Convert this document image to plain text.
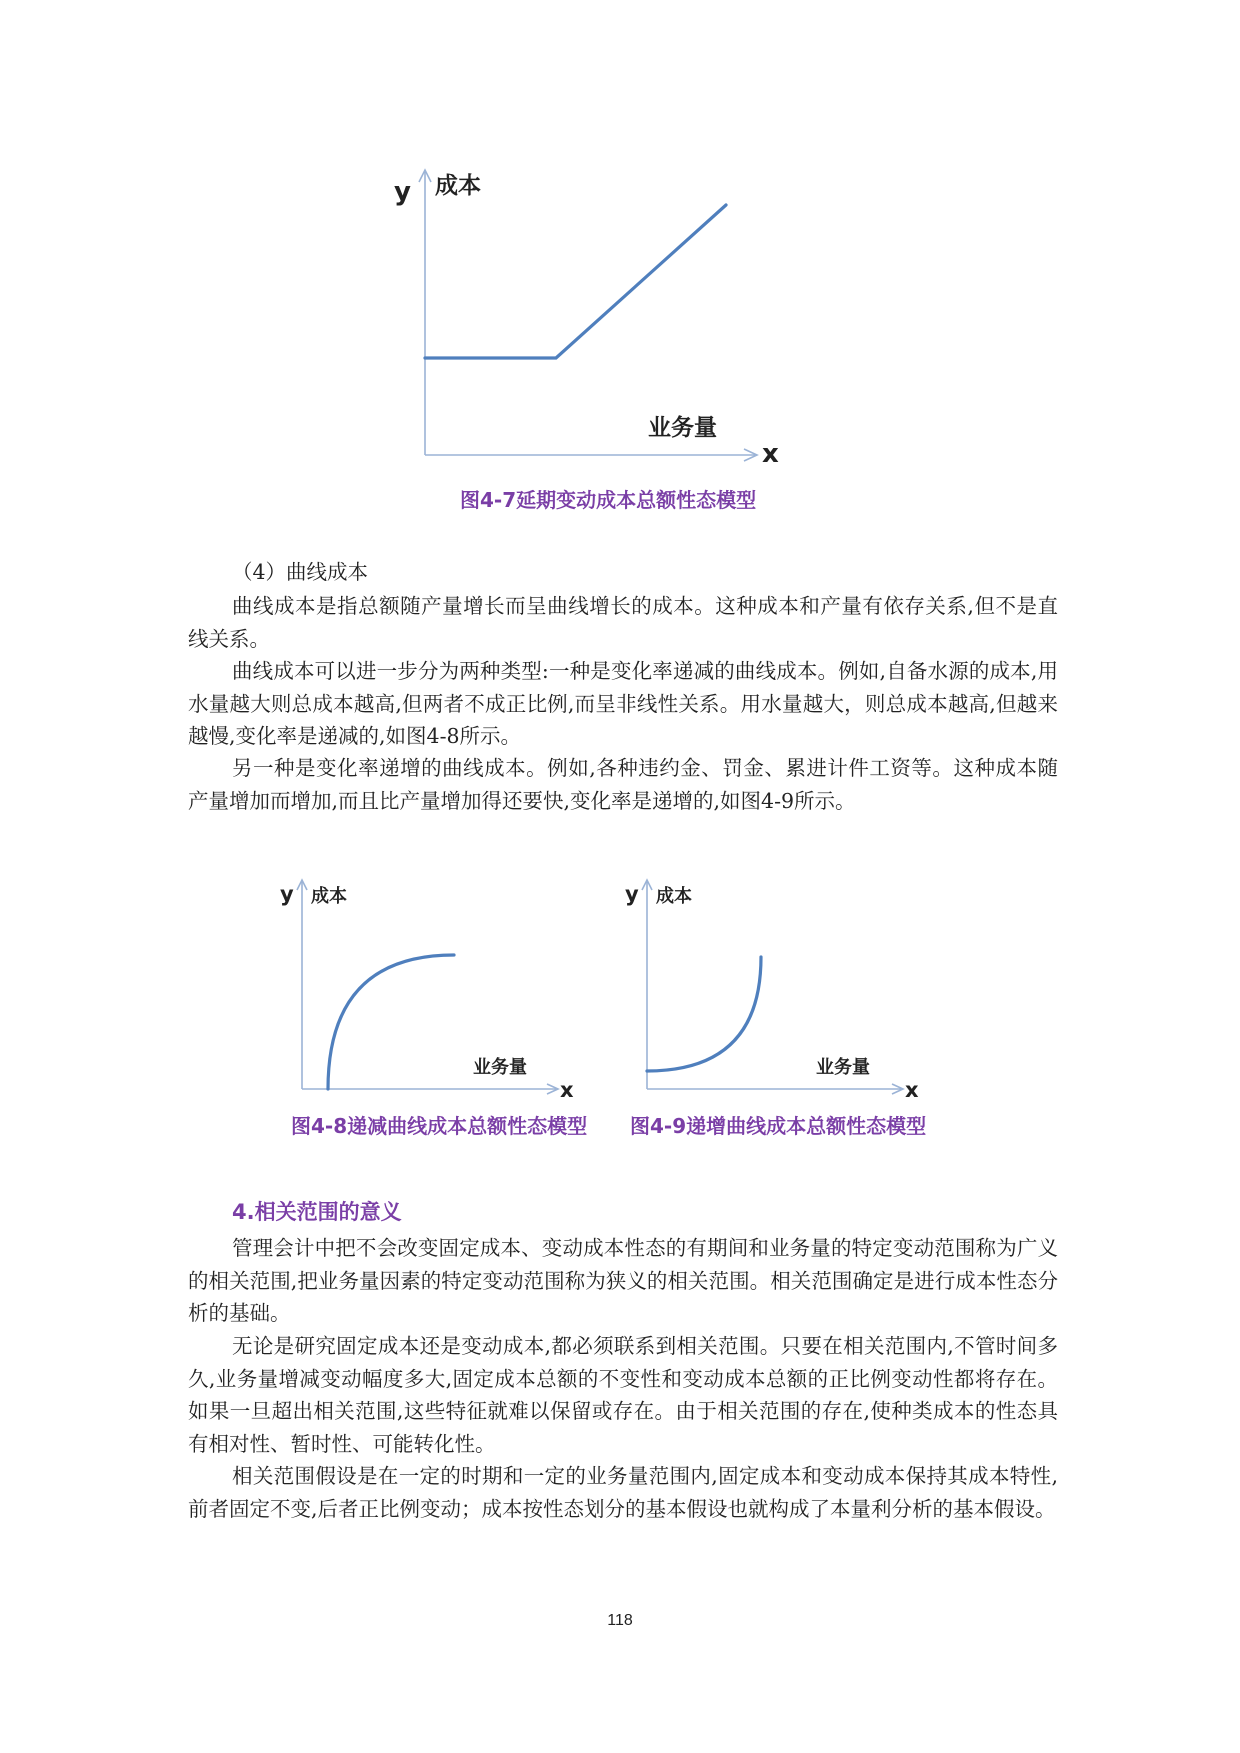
y 成本
业务量
x
图4-7延期变动成本总额性态模型

（4）曲线成本

曲线成本是指总额随产量增长而呈曲线增长的成本。这种成本和产量有依存关系,但不是直线关系。

曲线成本可以进一步分为两种类型:一种是变化率递减的曲线成本。例如,自备水源的成本,用水量越大则总成本越高,但两者不成正比例,而呈非线性关系。用水量越大，则总成本越高,但越来越慢,变化率是递减的,如图4-8所示。

另一种是变化率递增的曲线成本。例如,各种违约金、罚金、累进计件工资等。这种成本随产量增加而增加,而且比产量增加得还要快,变化率是递增的,如图4-9所示。

y 成本
业务量
x
y 成本
业务量
x
图4-8递减曲线成本总额性态模型 图4-9递增曲线成本总额性态模型
4.相关范围的意义

管理会计中把不会改变固定成本、变动成本性态的有期间和业务量的特定变动范围称为广义的相关范围,把业务量因素的特定变动范围称为狭义的相关范围。相关范围确定是进行成本性态分析的基础。

无论是研究固定成本还是变动成本,都必须联系到相关范围。只要在相关范围内,不管时间多久,业务量增减变动幅度多大,固定成本总额的不变性和变动成本总额的正比例变动性都将存在。如果一旦超出相关范围,这些特征就难以保留或存在。由于相关范围的存在,使种类成本的性态具有相对性、暂时性、可能转化性。

相关范围假设是在一定的时期和一定的业务量范围内,固定成本和变动成本保持其成本特性,前者固定不变,后者正比例变动；成本按性态划分的基本假设也就构成了本量利分析的基本假设。

118
